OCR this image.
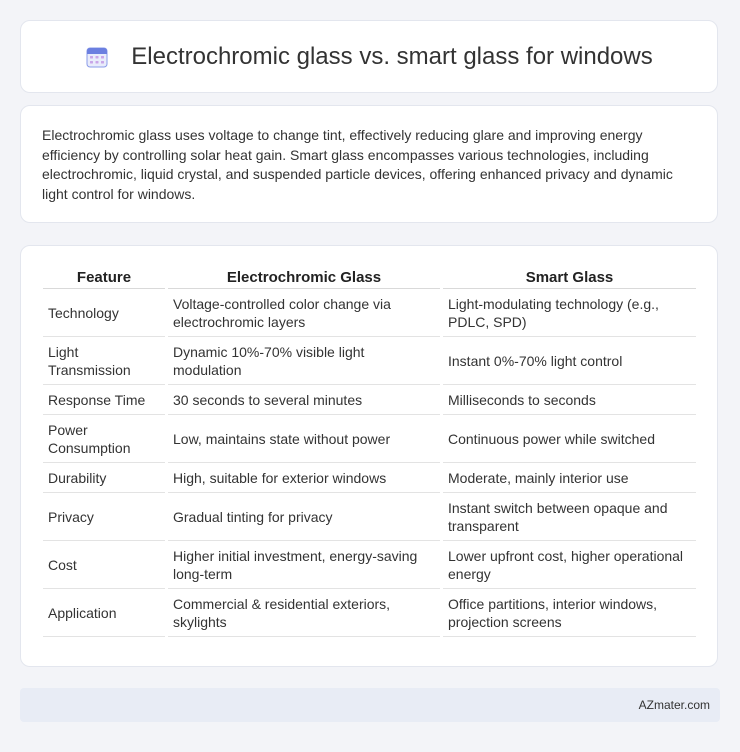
Electrochromic glass vs. smart glass for windows

Electrochromic glass uses voltage to change tint, effectively reducing glare and improving energy efficiency by controlling solar heat gain. Smart glass encompasses various technologies, including electrochromic, liquid crystal, and suspended particle devices, offering enhanced privacy and dynamic light control for windows.

Feature	Electrochromic Glass	Smart Glass
Technology	Voltage-controlled color change via electrochromic layers	Light-modulating technology (e.g., PDLC, SPD)
Light Transmission	Dynamic 10%-70% visible light modulation	Instant 0%-70% light control
Response Time	30 seconds to several minutes	Milliseconds to seconds
Power Consumption	Low, maintains state without power	Continuous power while switched
Durability	High, suitable for exterior windows	Moderate, mainly interior use
Privacy	Gradual tinting for privacy	Instant switch between opaque and transparent
Cost	Higher initial investment, energy-saving long-term	Lower upfront cost, higher operational energy
Application	Commercial & residential exteriors, skylights	Office partitions, interior windows, projection screens
AZmater.com
